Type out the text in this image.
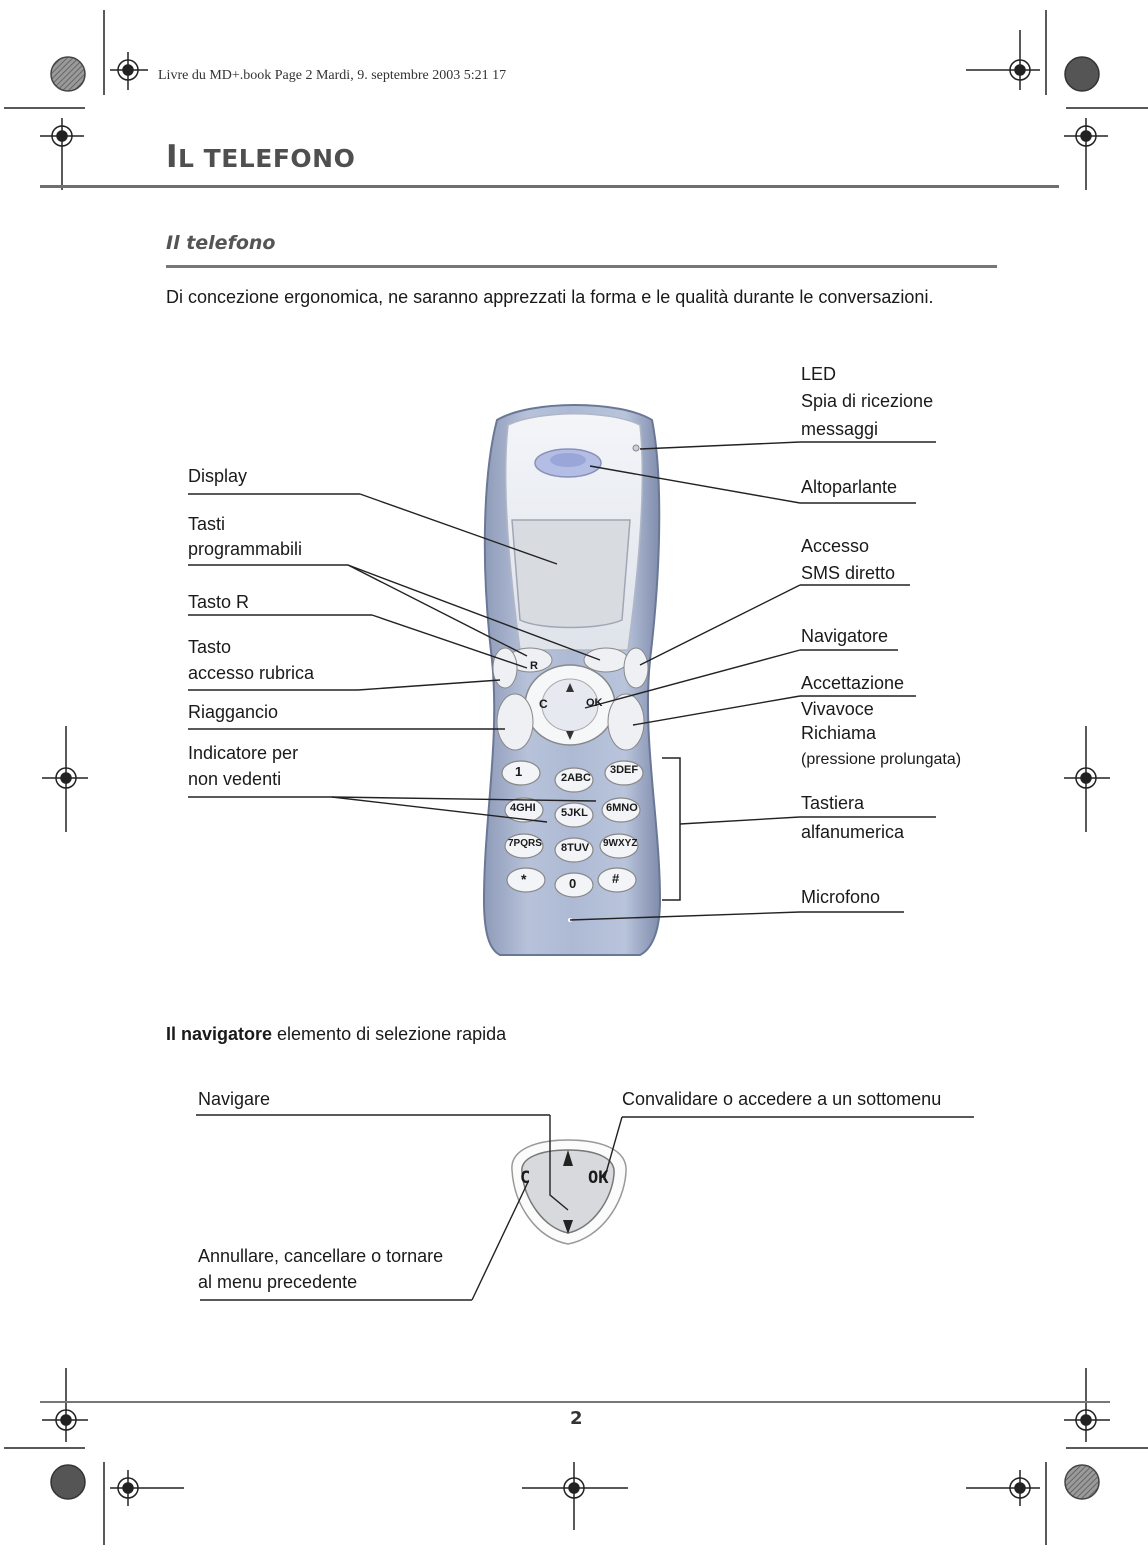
Livre du MD+.book Page 2 Mardi, 9. septembre 2003 5:21 17
IL TELEFONO
Il telefono
Di concezione ergonomica, ne saranno apprezzati la forma e le qualità durante le conversazioni.
LED
Spia di ricezione
messaggi
Altoparlante
Accesso
SMS diretto
Navigatore
Accettazione
Vivavoce
Richiama
(pressione prolungata)
Tastiera
alfanumerica
Microfono
Display
Tasti
programmabili
Tasto R
Tasto
accesso rubrica
Riaggancio
Indicatore per
non vedenti	1	2ABC
3DEF
4GHI 5JKL 6MNO
7PQRS 8TUV 9WXYZ
*	0	#
C	OK
R
Il navigatore elemento di selezione rapida
Navigare	Convalidare o accedere a un sottomenu
Annullare, cancellare o tornare
al menu precedente
C	OK
2
